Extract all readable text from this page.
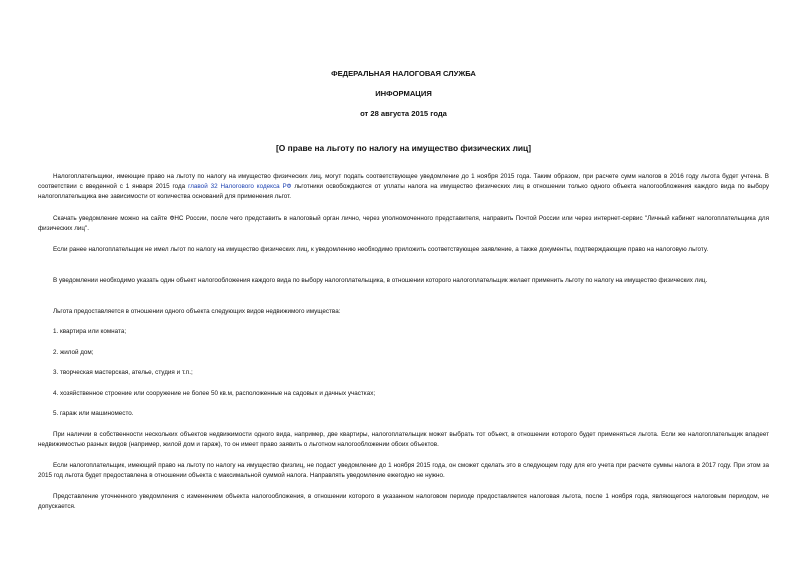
ФЕДЕРАЛЬНАЯ НАЛОГОВАЯ СЛУЖБА
ИНФОРМАЦИЯ
от 28 августа 2015 года
[О праве на льготу по налогу на имущество физических лиц]

Налогоплательщики, имеющие право на льготу по налогу на имущество физических лиц, могут подать соответствующее уведомление до 1 ноября 2015 года. Таким образом, при расчете сумм налогов в 2016 году льгота будет учтена. В соответствии с введенной с 1 января 2015 года главой 32 Налогового кодекса РФ льготники освобождаются от уплаты налога на имущество физических лиц в отношении только одного объекта налогообложения каждого вида по выбору налогоплательщика вне зависимости от количества оснований для применения льгот.

Скачать уведомление можно на сайте ФНС России, после чего представить в налоговый орган лично, через уполномоченного представителя, направить Почтой России или через интернет-сервис "Личный кабинет налогоплательщика для физических лиц".

Если ранее налогоплательщик не имел льгот по налогу на имущество физических лиц, к уведомлению необходимо приложить соответствующее заявление, а также документы, подтверждающие право на налоговую льготу.

В уведомлении необходимо указать один объект налогообложения каждого вида по выбору налогоплательщика, в отношении которого налогоплательщик желает применить льготу по налогу на имущество физических лиц.

Льгота предоставляется в отношении одного объекта следующих видов недвижимого имущества:

1. квартира или комната;

2. жилой дом;

3. творческая мастерская, ателье, студия и т.п.;

4. хозяйственное строение или сооружение не более 50 кв.м, расположенные на садовых и дачных участках;

5. гараж или машиноместо.

При наличии в собственности нескольких объектов недвижимости одного вида, например, две квартиры, налогоплательщик может выбрать тот объект, в отношении которого будет применяться льгота. Если же налогоплательщик владеет недвижимостью разных видов (например, жилой дом и гараж), то он имеет право заявить о льготном налогообложении обоих объектов.

Если налогоплательщик, имеющий право на льготу по налогу на имущество физлиц, не подаст уведомление до 1 ноября 2015 года, он сможет сделать это в следующем году для его учета при расчете суммы налога в 2017 году. При этом за 2015 год льгота будет предоставлена в отношении объекта с максимальной суммой налога. Направлять уведомление ежегодно не нужно.

Представление уточненного уведомления с изменением объекта налогообложения, в отношении которого в указанном налоговом периоде предоставляется налоговая льгота, после 1 ноября года, являющегося налоговым периодом, не допускается.
